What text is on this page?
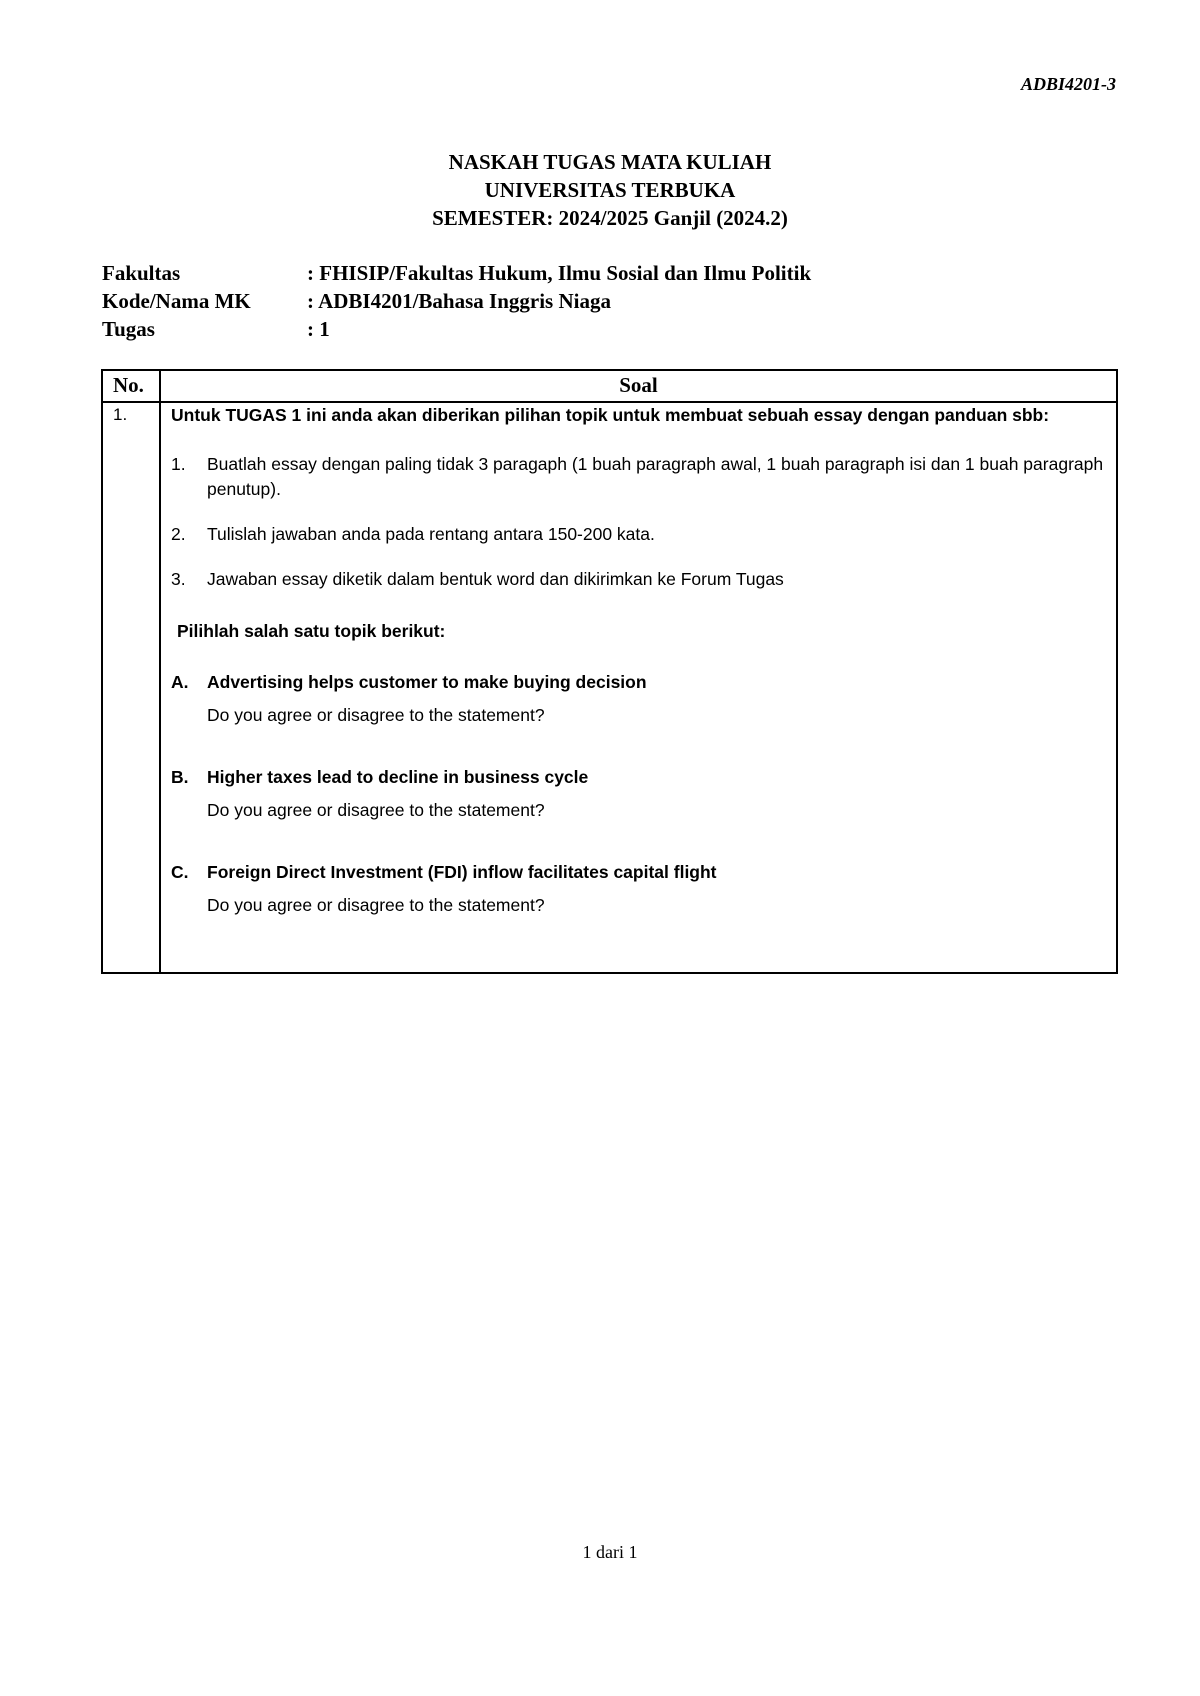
ADBI4201-3
NASKAH TUGAS MATA KULIAH
UNIVERSITAS TERBUKA
SEMESTER: 2024/2025 Ganjil (2024.2)
Fakultas	: FHISIP/Fakultas Hukum, Ilmu Sosial dan Ilmu Politik
Kode/Nama MK	: ADBI4201/Bahasa Inggris Niaga
Tugas	: 1
No.	Soal
1.	Untuk TUGAS 1 ini anda akan diberikan pilihan topik untuk membuat sebuah essay dengan panduan sbb:

1.	Buatlah essay dengan paling tidak 3 paragaph (1 buah paragraph awal, 1 buah paragraph isi dan 1 buah paragraph penutup).
2.	Tulislah jawaban anda pada rentang antara 150-200 kata.
3.	Jawaban essay diketik dalam bentuk word dan dikirimkan ke Forum Tugas
Pilihlah salah satu topik berikut:
A.	Advertising helps customer to make buying decision
Do you agree or disagree to the statement?
B.	Higher taxes lead to decline in business cycle
Do you agree or disagree to the statement?
C.	Foreign Direct Investment (FDI) inflow facilitates capital flight
Do you agree or disagree to the statement?
1 dari 1
